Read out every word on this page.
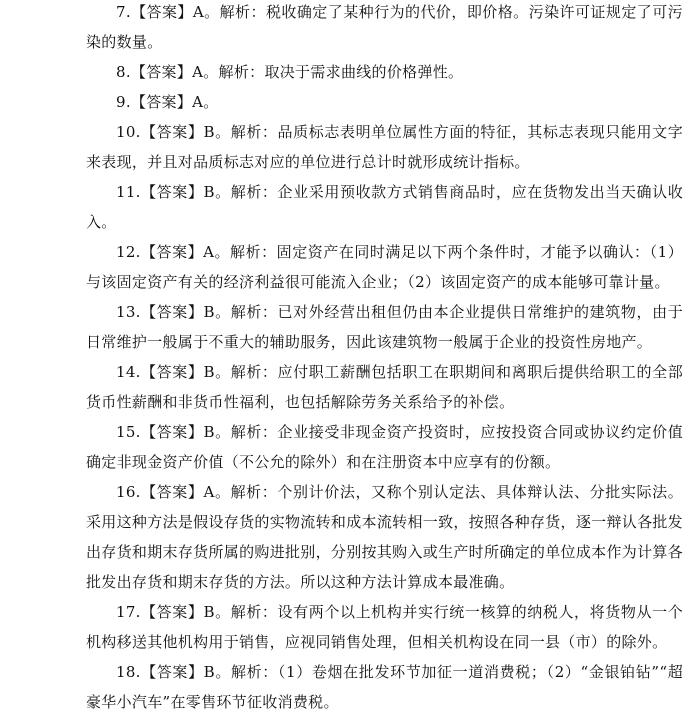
7.【答案】A。解析：税收确定了某种行为的代价，即价格。污染许可证规定了可污染的数量。

8.【答案】A。解析：取决于需求曲线的价格弹性。

9.【答案】A。

10.【答案】B。解析：品质标志表明单位属性方面的特征，其标志表现只能用文字来表现，并且对品质标志对应的单位进行总计时就形成统计指标。

11.【答案】B。解析：企业采用预收款方式销售商品时，应在货物发出当天确认收入。

12.【答案】A。解析：固定资产在同时满足以下两个条件时，才能予以确认：（1）与该固定资产有关的经济利益很可能流入企业；（2）该固定资产的成本能够可靠计量。

13.【答案】B。解析：已对外经营出租但仍由本企业提供日常维护的建筑物，由于日常维护一般属于不重大的辅助服务，因此该建筑物一般属于企业的投资性房地产。

14.【答案】B。解析：应付职工薪酬包括职工在职期间和离职后提供给职工的全部货币性薪酬和非货币性福利，也包括解除劳务关系给予的补偿。

15.【答案】B。解析：企业接受非现金资产投资时，应按投资合同或协议约定价值确定非现金资产价值（不公允的除外）和在注册资本中应享有的份额。

16.【答案】A。解析：个别计价法，又称个别认定法、具体辩认法、分批实际法。采用这种方法是假设存货的实物流转和成本流转相一致，按照各种存货，逐一辩认各批发出存货和期末存货所属的购进批别，分别按其购入或生产时所确定的单位成本作为计算各批发出存货和期末存货的方法。所以这种方法计算成本最准确。

17.【答案】B。解析：设有两个以上机构并实行统一核算的纳税人，将货物从一个机构移送其他机构用于销售，应视同销售处理，但相关机构设在同一县（市）的除外。

18.【答案】B。解析：（1）卷烟在批发环节加征一道消费税；（2）“金银铂钻”“超豪华小汽车”在零售环节征收消费税。
